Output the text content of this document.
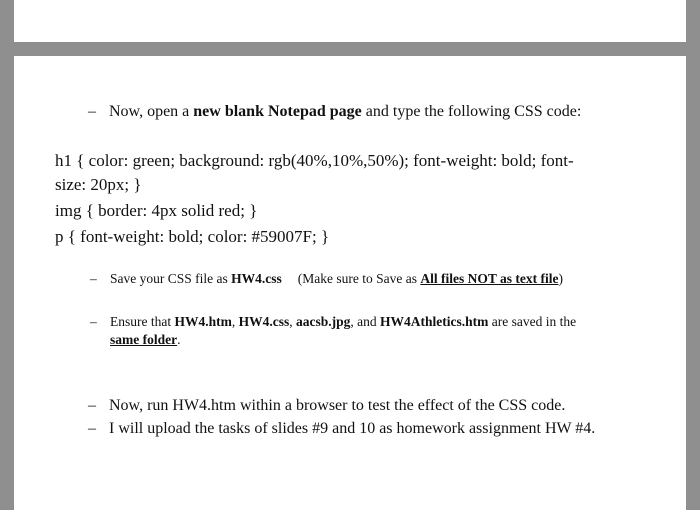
– Now, open a new blank Notepad page and type the following CSS code:
h1 { color: green; background: rgb(40%,10%,50%); font-weight: bold; font-
size: 20px; }
img { border: 4px solid red; }
p { font-weight: bold; color: #59007F; }
– Save your CSS file as HW4.css (Make sure to Save as All files NOT as text file)
– Ensure that HW4.htm, HW4.css, aacsb.jpg, and HW4Athletics.htm are saved in the
same folder.
– Now, run HW4.htm within a browser to test the effect of the CSS code.
– I will upload the tasks of slides #9 and 10 as homework assignment HW #4.
